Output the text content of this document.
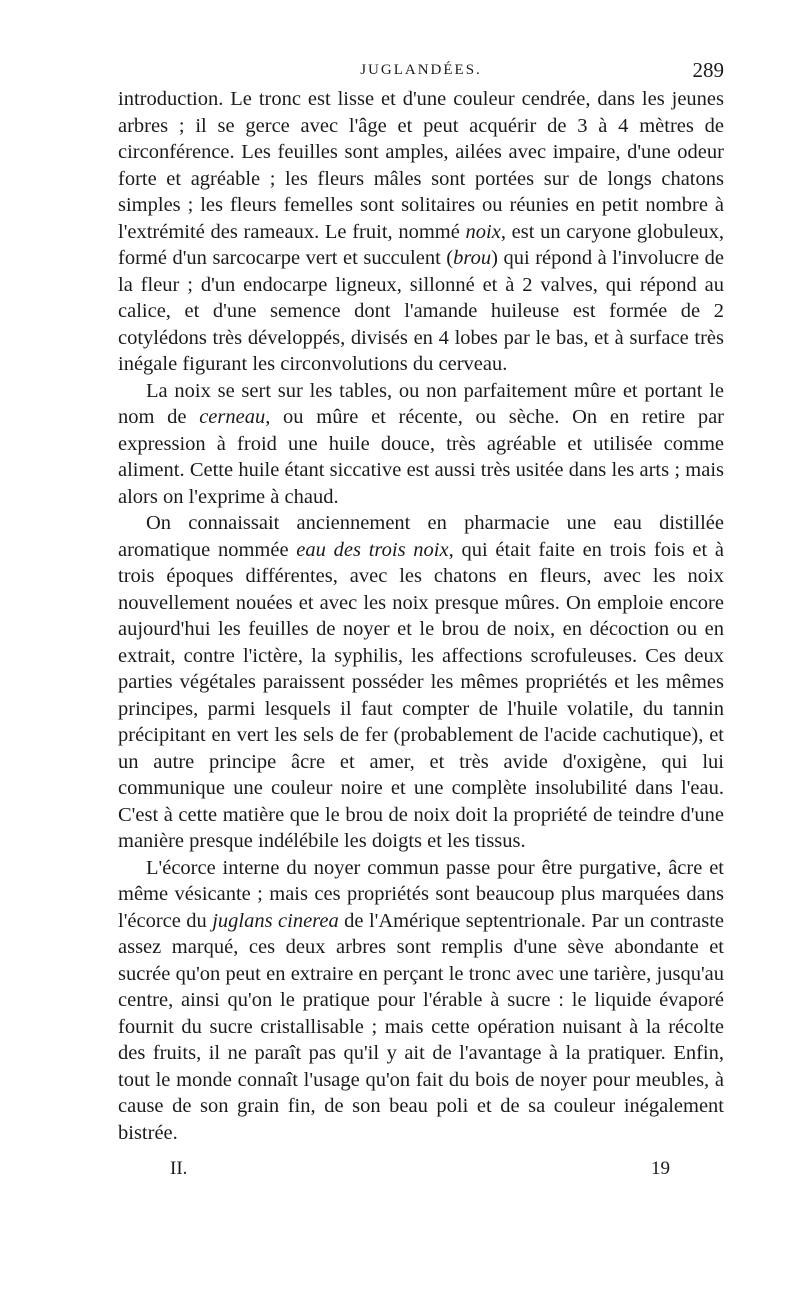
JUGLANDÉES.	289

introduction. Le tronc est lisse et d'une couleur cendrée, dans les jeunes arbres ; il se gerce avec l'âge et peut acquérir de 3 à 4 mètres de circonférence. Les feuilles sont amples, ailées avec impaire, d'une odeur forte et agréable ; les fleurs mâles sont portées sur de longs chatons simples ; les fleurs femelles sont solitaires ou réunies en petit nombre à l'extrémité des rameaux. Le fruit, nommé noix, est un caryone globuleux, formé d'un sarcocarpe vert et succulent (brou) qui répond à l'involucre de la fleur ; d'un endocarpe ligneux, sillonné et à 2 valves, qui répond au calice, et d'une semence dont l'amande huileuse est formée de 2 cotylédons très développés, divisés en 4 lobes par le bas, et à surface très inégale figurant les circonvolutions du cerveau.

La noix se sert sur les tables, ou non parfaitement mûre et portant le nom de cerneau, ou mûre et récente, ou sèche. On en retire par expression à froid une huile douce, très agréable et utilisée comme aliment. Cette huile étant siccative est aussi très usitée dans les arts ; mais alors on l'exprime à chaud.

On connaissait anciennement en pharmacie une eau distillée aromatique nommée eau des trois noix, qui était faite en trois fois et à trois époques différentes, avec les chatons en fleurs, avec les noix nouvellement nouées et avec les noix presque mûres. On emploie encore aujourd'hui les feuilles de noyer et le brou de noix, en décoction ou en extrait, contre l'ictère, la syphilis, les affections scrofuleuses. Ces deux parties végétales paraissent posséder les mêmes propriétés et les mêmes principes, parmi lesquels il faut compter de l'huile volatile, du tannin précipitant en vert les sels de fer (probablement de l'acide cachutique), et un autre principe âcre et amer, et très avide d'oxigène, qui lui communique une couleur noire et une complète insolubilité dans l'eau. C'est à cette matière que le brou de noix doit la propriété de teindre d'une manière presque indélébile les doigts et les tissus.

L'écorce interne du noyer commun passe pour être purgative, âcre et même vésicante ; mais ces propriétés sont beaucoup plus marquées dans l'écorce du juglans cinerea de l'Amérique septentrionale. Par un contraste assez marqué, ces deux arbres sont remplis d'une sève abondante et sucrée qu'on peut en extraire en perçant le tronc avec une tarière, jusqu'au centre, ainsi qu'on le pratique pour l'érable à sucre : le liquide évaporé fournit du sucre cristallisable ; mais cette opération nuisant à la récolte des fruits, il ne paraît pas qu'il y ait de l'avantage à la pratiquer. Enfin, tout le monde connaît l'usage qu'on fait du bois de noyer pour meubles, à cause de son grain fin, de son beau poli et de sa couleur inégalement bistrée.

II.	19
